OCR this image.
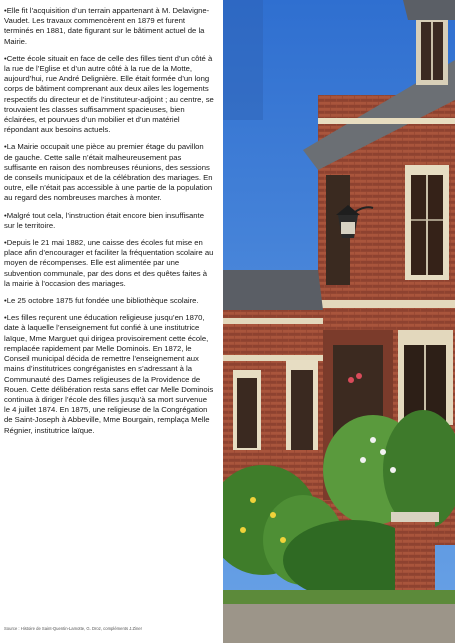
•Elle fit l’acquisition d’un terrain appartenant à M. Delavigne-Vaudet. Les travaux commencèrent en 1879 et furent terminés en 1881, date figurant sur le bâtiment actuel de la Mairie.

•Cette école situait en face de celle des filles tient d’un côté à la rue de l’Eglise et d’un autre côté à la rue de la Motte, aujourd’hui, rue André Delignière. Elle était formée d’un long corps de bâtiment comprenant aux deux ailes les logements respectifs du directeur et de l’instituteur-adjoint ; au centre, se trouvaient les classes suffisamment spacieuses, bien éclairées, et pourvues d’un mobilier et d’un matériel répondant aux besoins actuels.

•La Mairie occupait une pièce au premier étage du pavillon de gauche. Cette salle n’était malheureusement pas suffisante en raison des nombreuses réunions, des sessions de conseils municipaux et de la célébration des mariages. En outre, elle n’était pas accessible à une partie de la population au regard des nombreuses marches à monter.

•Malgré tout cela, l’instruction était encore bien insuffisante sur le territoire.

•Depuis le 21 mai 1882, une caisse des écoles fut mise en place afin d’encourager et faciliter la fréquentation scolaire au moyen de récompenses. Elle est alimentée par une subvention communale, par des dons et des quêtes faites à la mairie à l’occasion des mariages.

•Le 25 octobre 1875 fut fondée une bibliothèque scolaire.

•Les filles reçurent une éducation religieuse jusqu’en 1870, date à laquelle l’enseignement fut confié à une institutrice laïque, Mme Marguet qui dirigea provisoirement cette école, remplacée rapidement par Melle Dominois. En 1872, le Conseil municipal décida de remettre l’enseignement aux mains d’institutrices congréganistes en s’adressant à la Communauté des Dames religieuses de la Providence de Rouen. Cette délibération resta sans effet car Melle Dominois continua à diriger l’école des filles jusqu’à sa mort survenue le 4 juillet 1874. En 1875, une religieuse de la Congrégation de Saint-Joseph à Abbeville, Mme Bourgain, remplaça Melle Régnier, institutrice laïque.

Source : Histoire de Saint-Quentin-Lamotte, G. Droz, compléments J.Ziner
